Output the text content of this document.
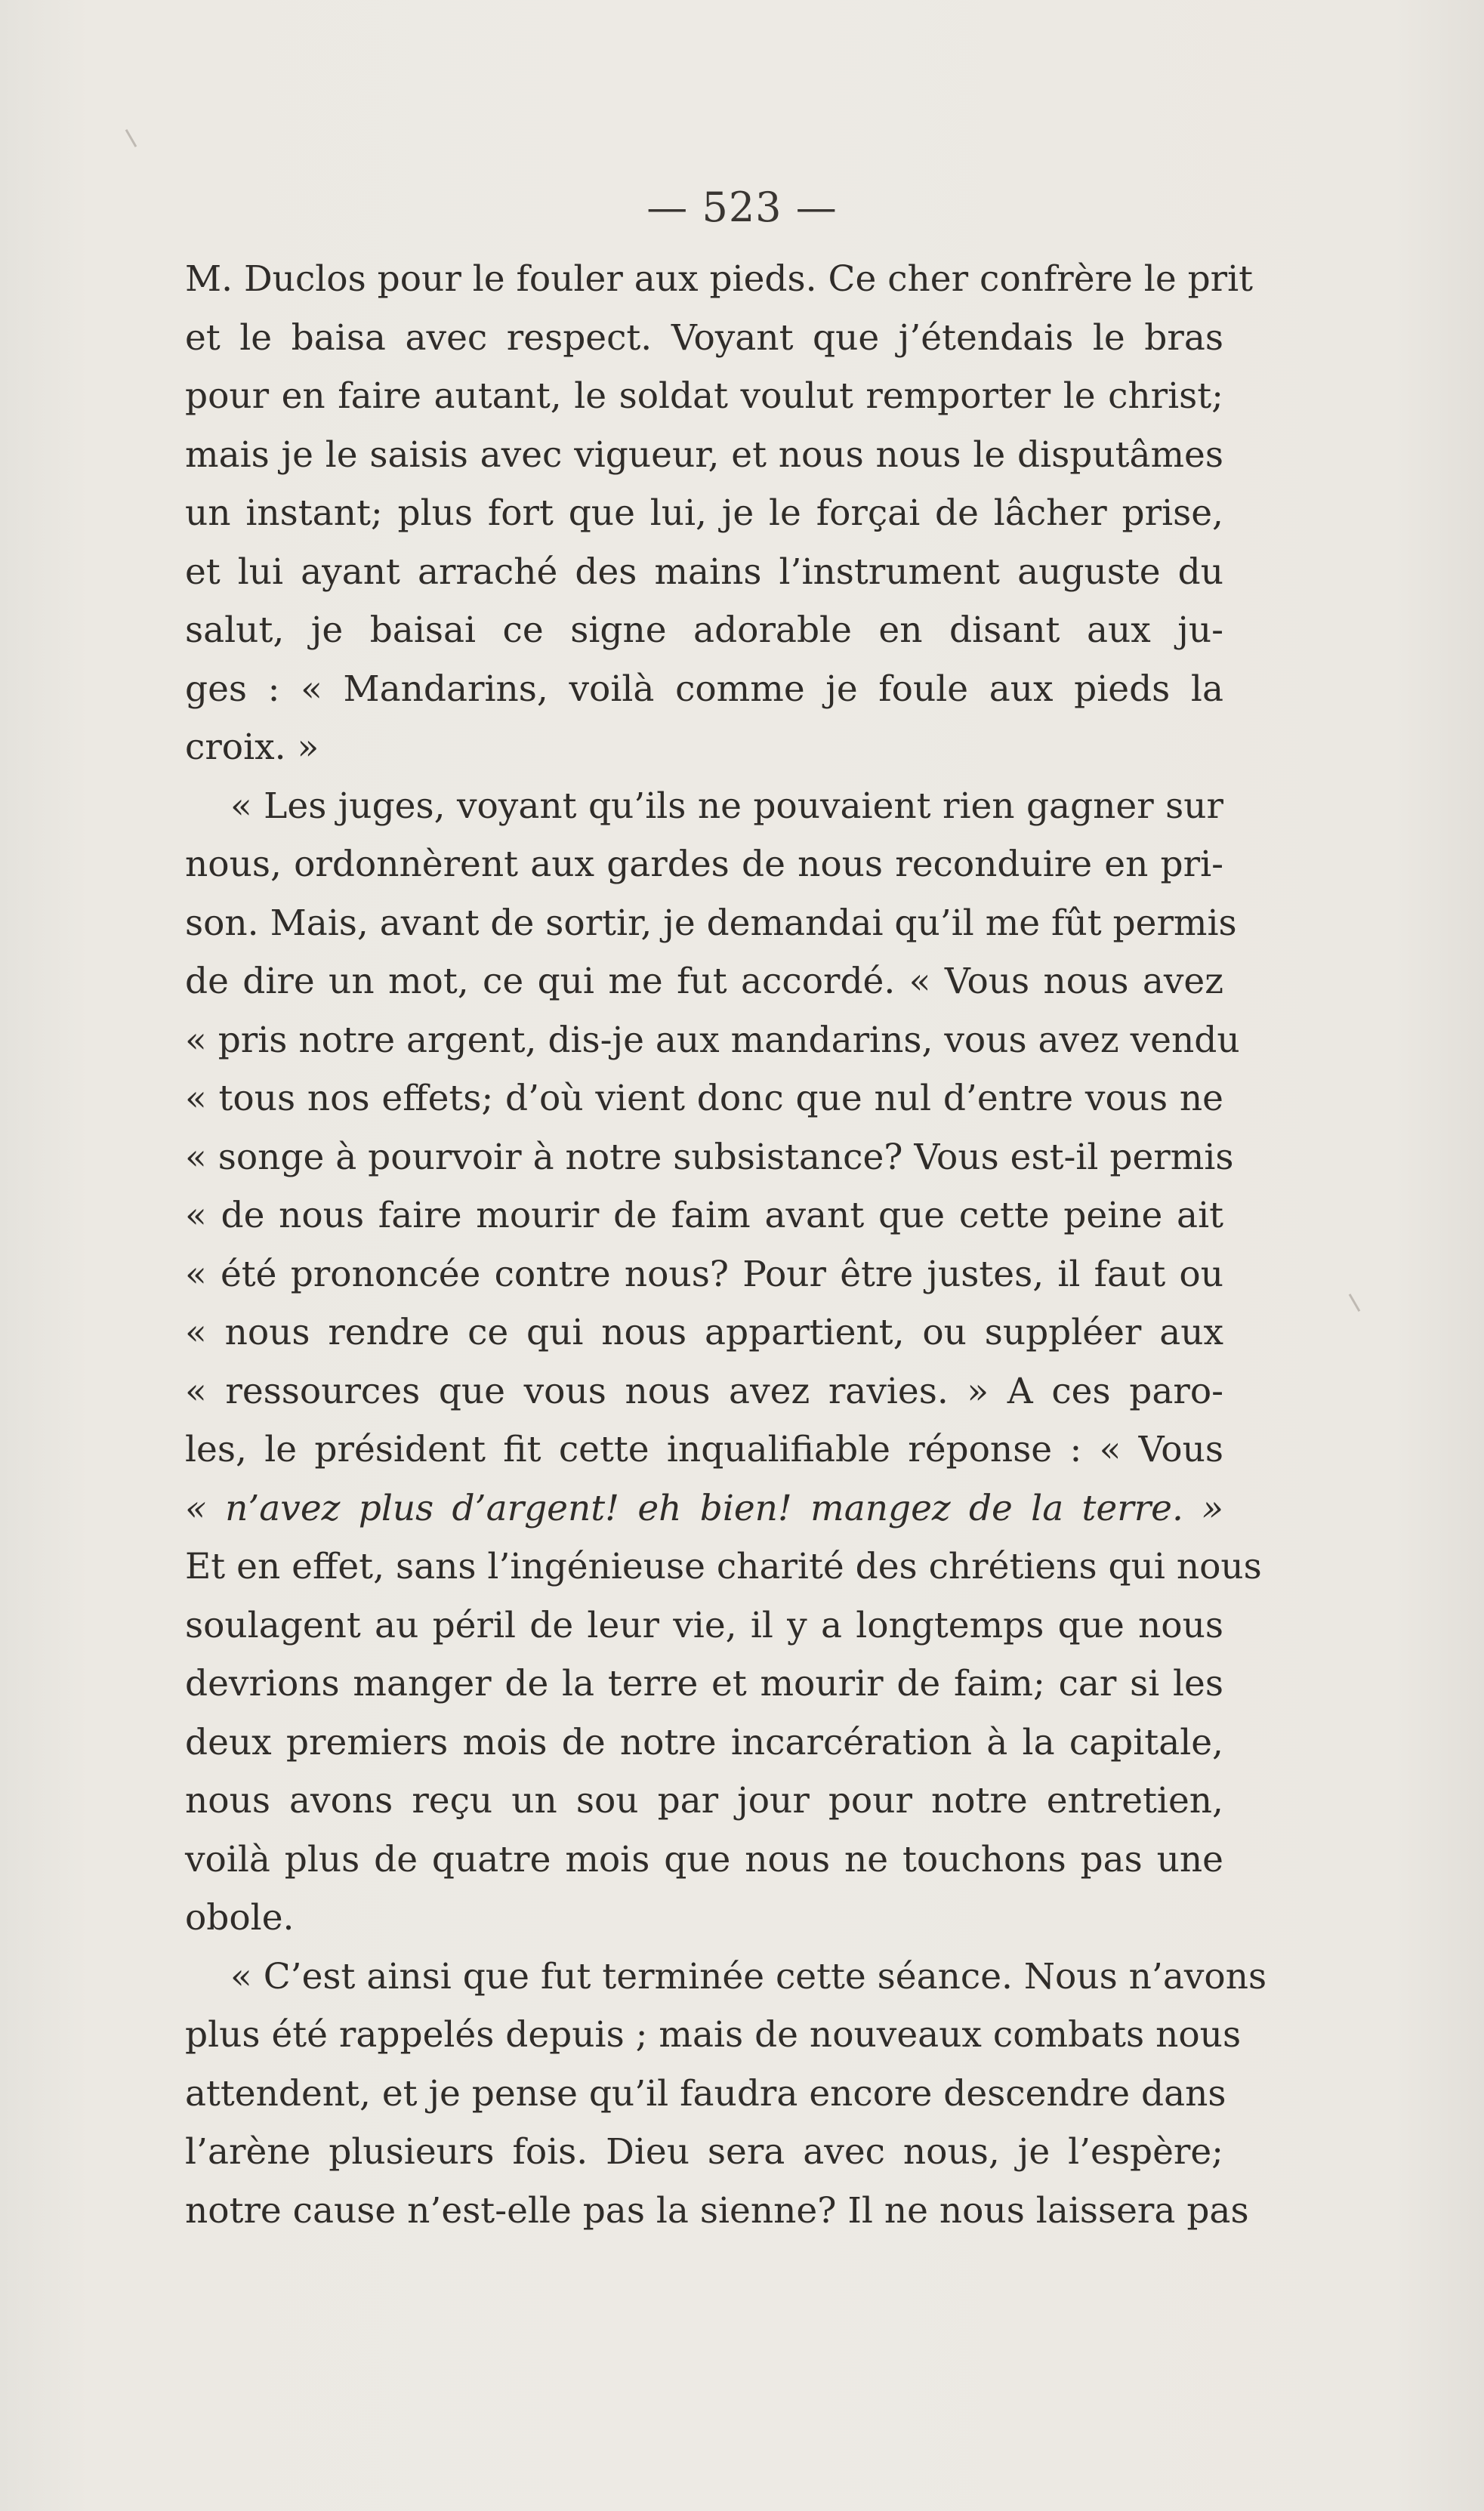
— 523 —
M. Duclos pour le fouler aux pieds. Ce cher confrère le prit
et le baisa avec respect. Voyant que j’étendais le bras
pour en faire autant, le soldat voulut remporter le christ;
mais je le saisis avec vigueur, et nous nous le disputâmes
un instant; plus fort que lui, je le forçai de lâcher prise,
et lui ayant arraché des mains l’instrument auguste du
salut, je baisai ce signe adorable en disant aux ju-
ges : « Mandarins, voilà comme je foule aux pieds la
croix. »
« Les juges, voyant qu’ils ne pouvaient rien gagner sur
nous, ordonnèrent aux gardes de nous reconduire en pri-
son. Mais, avant de sortir, je demandai qu’il me fût permis
de dire un mot, ce qui me fut accordé. « Vous nous avez
« pris notre argent, dis-je aux mandarins, vous avez vendu
« tous nos effets; d’où vient donc que nul d’entre vous ne
« songe à pourvoir à notre subsistance? Vous est-il permis
« de nous faire mourir de faim avant que cette peine ait
« été prononcée contre nous? Pour être justes, il faut ou
« nous rendre ce qui nous appartient, ou suppléer aux
« ressources que vous nous avez ravies. » A ces paro-
les, le président fit cette inqualifiable réponse : « Vous
« n’avez plus d’argent! eh bien! mangez de la terre. »
Et en effet, sans l’ingénieuse charité des chrétiens qui nous
soulagent au péril de leur vie, il y a longtemps que nous
devrions manger de la terre et mourir de faim; car si les
deux premiers mois de notre incarcération à la capitale,
nous avons reçu un sou par jour pour notre entretien,
voilà plus de quatre mois que nous ne touchons pas une
obole.
« C’est ainsi que fut terminée cette séance. Nous n’avons
plus été rappelés depuis ; mais de nouveaux combats nous
attendent, et je pense qu’il faudra encore descendre dans
l’arène plusieurs fois. Dieu sera avec nous, je l’espère;
notre cause n’est-elle pas la sienne? Il ne nous laissera pas
